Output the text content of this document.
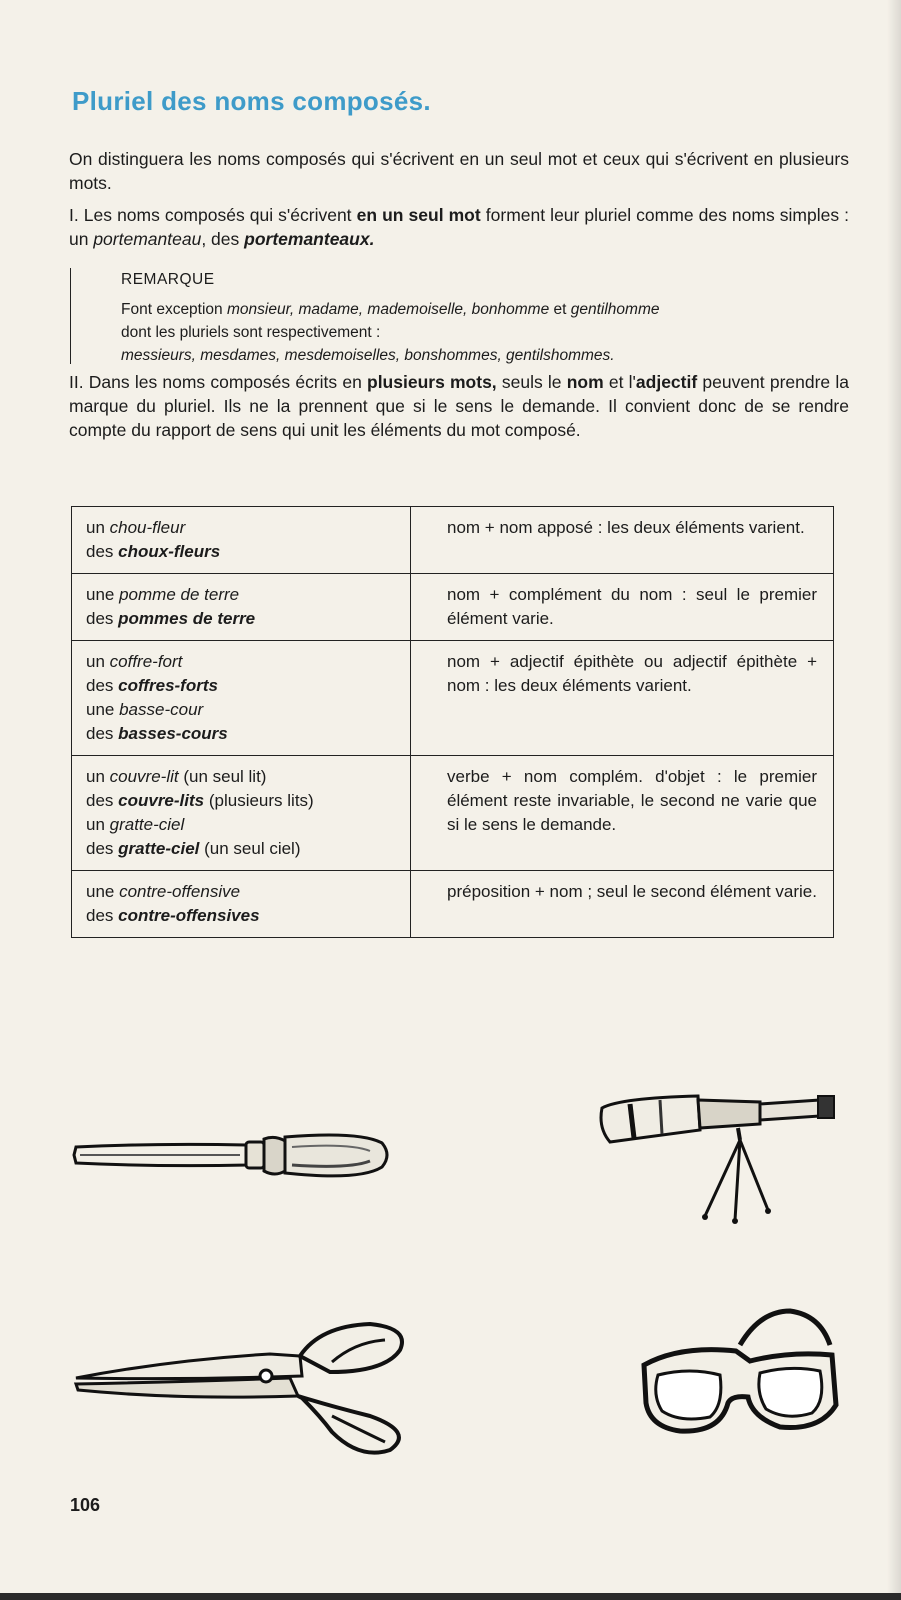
Pluriel des noms composés.

On distinguera les noms composés qui s'écrivent en un seul mot et ceux qui s'écrivent en plusieurs mots.

I. Les noms composés qui s'écrivent en un seul mot forment leur pluriel comme des noms simples : un portemanteau, des portemanteaux.

REMARQUE
Font exception monsieur, madame, mademoiselle, bonhomme et gentilhomme
dont les pluriels sont respectivement :
messieurs, mesdames, mesdemoiselles, bonshommes, gentilshommes.

II. Dans les noms composés écrits en plusieurs mots, seuls le nom et l'adjectif peuvent prendre la marque du pluriel. Ils ne la prennent que si le sens le demande. Il convient donc de se rendre compte du rapport de sens qui unit les éléments du mot composé.

un chou-fleur
des choux-fleurs	nom + nom apposé : les deux éléments varient.

une pomme de terre
des pommes de terre	nom + complément du nom : seul le premier élément varie.

un coffre-fort
des coffres-forts
une basse-cour
des basses-cours	nom + adjectif épithète ou adjectif épithète + nom : les deux éléments varient.

un couvre-lit (un seul lit)
des couvre-lits (plusieurs lits)
un gratte-ciel
des gratte-ciel (un seul ciel)	verbe + nom complém. d'objet : le premier élément reste invariable, le second ne varie que si le sens le demande.

une contre-offensive
des contre-offensives	préposition + nom ; seul le second élément varie.
106
